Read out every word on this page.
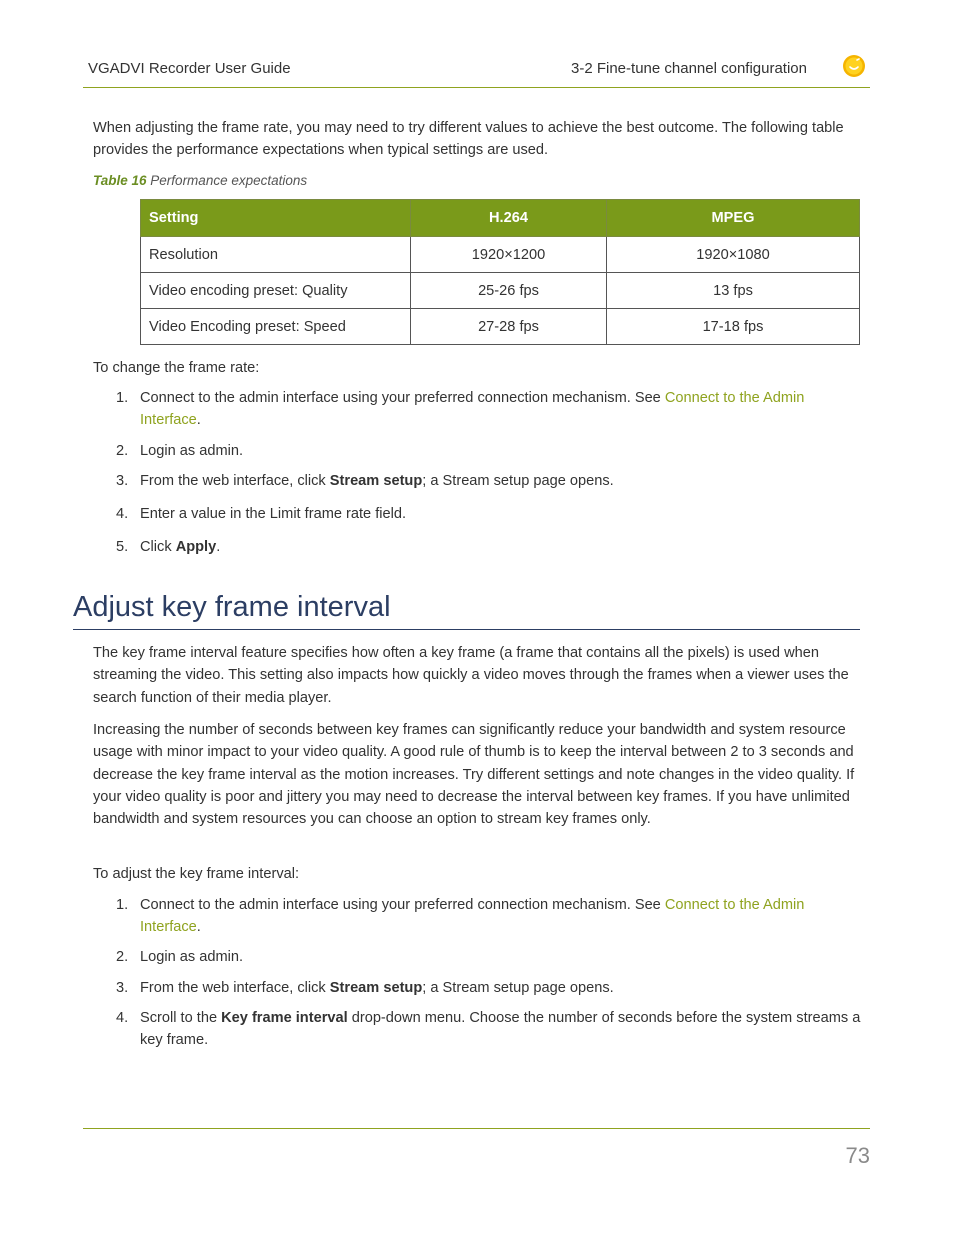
VGADVI Recorder User Guide	3-2 Fine-tune channel configuration
When adjusting the frame rate, you may need to try different values to achieve the best outcome. The following table provides the performance expectations when typical settings are used.
Table 16 Performance expectations
Setting	H.264	MPEG
Resolution	1920×1200	1920×1080
Video encoding preset: Quality	25-26 fps	13 fps
Video Encoding preset: Speed	27-28 fps	17-18 fps
To change the frame rate:
1. Connect to the admin interface using your preferred connection mechanism. See Connect to the Admin Interface.
2. Login as admin.
3. From the web interface, click Stream setup; a Stream setup page opens.
4. Enter a value in the Limit frame rate field.
5. Click Apply.
Adjust key frame interval
The key frame interval feature specifies how often a key frame (a frame that contains all the pixels) is used when streaming the video. This setting also impacts how quickly a video moves through the frames when a viewer uses the search function of their media player.
Increasing the number of seconds between key frames can significantly reduce your bandwidth and system resource usage with minor impact to your video quality. A good rule of thumb is to keep the interval between 2 to 3 seconds and decrease the key frame interval as the motion increases. Try different settings and note changes in the video quality. If your video quality is poor and jittery you may need to decrease the interval between key frames. If you have unlimited bandwidth and system resources you can choose an option to stream key frames only.
To adjust the key frame interval:
1. Connect to the admin interface using your preferred connection mechanism. See Connect to the Admin Interface.
2. Login as admin.
3. From the web interface, click Stream setup; a Stream setup page opens.
4. Scroll to the Key frame interval drop-down menu. Choose the number of seconds before the system streams a key frame.
73
